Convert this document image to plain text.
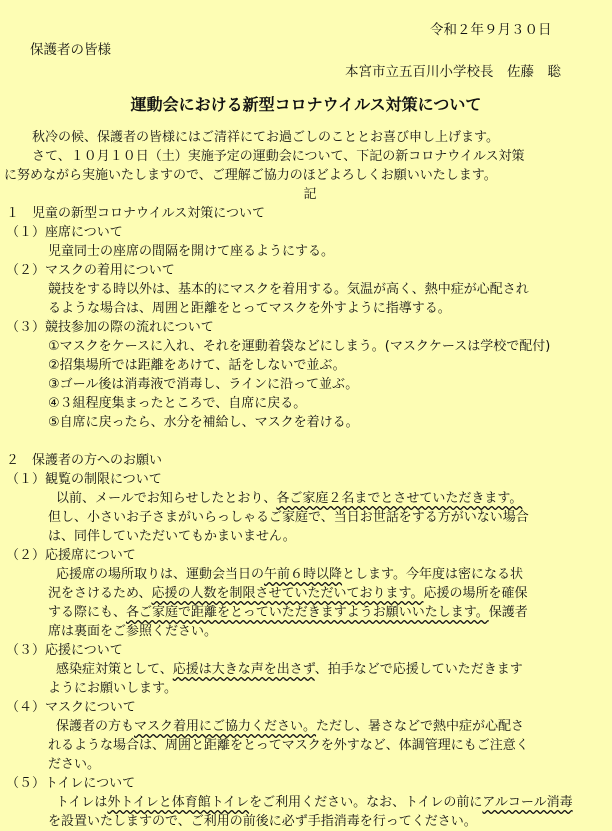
令和２年９月３０日
保護者の皆様
本宮市立五百川小学校長　佐藤　聡
運動会における新型コロナウイルス対策について

秋冷の候、保護者の皆様にはご清祥にてお過ごしのこととお喜び申し上げます。

さて、１０月１０日（土）実施予定の運動会について、下記の新コロナウイルス対策

に努めながら実施いたしますので、ご理解ご協力のほどよろしくお願いいたします。

記

１　児童の新型コロナウイルス対策について

（１）座席について

児童同士の座席の間隔を開けて座るようにする。

（２）マスクの着用について

競技をする時以外は、基本的にマスクを着用する。気温が高く、熱中症が心配され

るような場合は、周囲と距離をとってマスクを外すように指導する。

（３）競技参加の際の流れについて

①マスクをケースに入れ、それを運動着袋などにしまう。(マスクケースは学校で配付)

②招集場所では距離をあけて、話をしないで並ぶ。

③ゴール後は消毒液で消毒し、ラインに沿って並ぶ。

④３組程度集まったところで、自席に戻る。

⑤自席に戻ったら、水分を補給し、マスクを着ける。

２　保護者の方へのお願い

（１）観覧の制限について

以前、メールでお知らせしたとおり、各ご家庭２名までとさせていただきます。

但し、小さいお子さまがいらっしゃるご家庭で、当日お世話をする方がいない場合

は、同伴していただいてもかまいません。

（２）応援席について

応援席の場所取りは、運動会当日の午前６時以降とします。今年度は密になる状

況をさけるため、応援の人数を制限させていただいております。応援の場所を確保

する際にも、各ご家庭で距離をとっていただきますようお願いいたします。保護者

席は裏面をご参照ください。

（３）応援について

感染症対策として、応援は大きな声を出さず、拍手などで応援していただきます

ようにお願いします。

（４）マスクについて

保護者の方もマスク着用にご協力ください。ただし、暑さなどで熱中症が心配さ

れるような場合は、周囲と距離をとってマスクを外すなど、体調管理にもご注意く

ださい。

（５）トイレについて

トイレは外トイレと体育館トイレをご利用ください。なお、トイレの前にアルコール消毒

を設置いたしますので、ご利用の前後に必ず手指消毒を行ってください。
